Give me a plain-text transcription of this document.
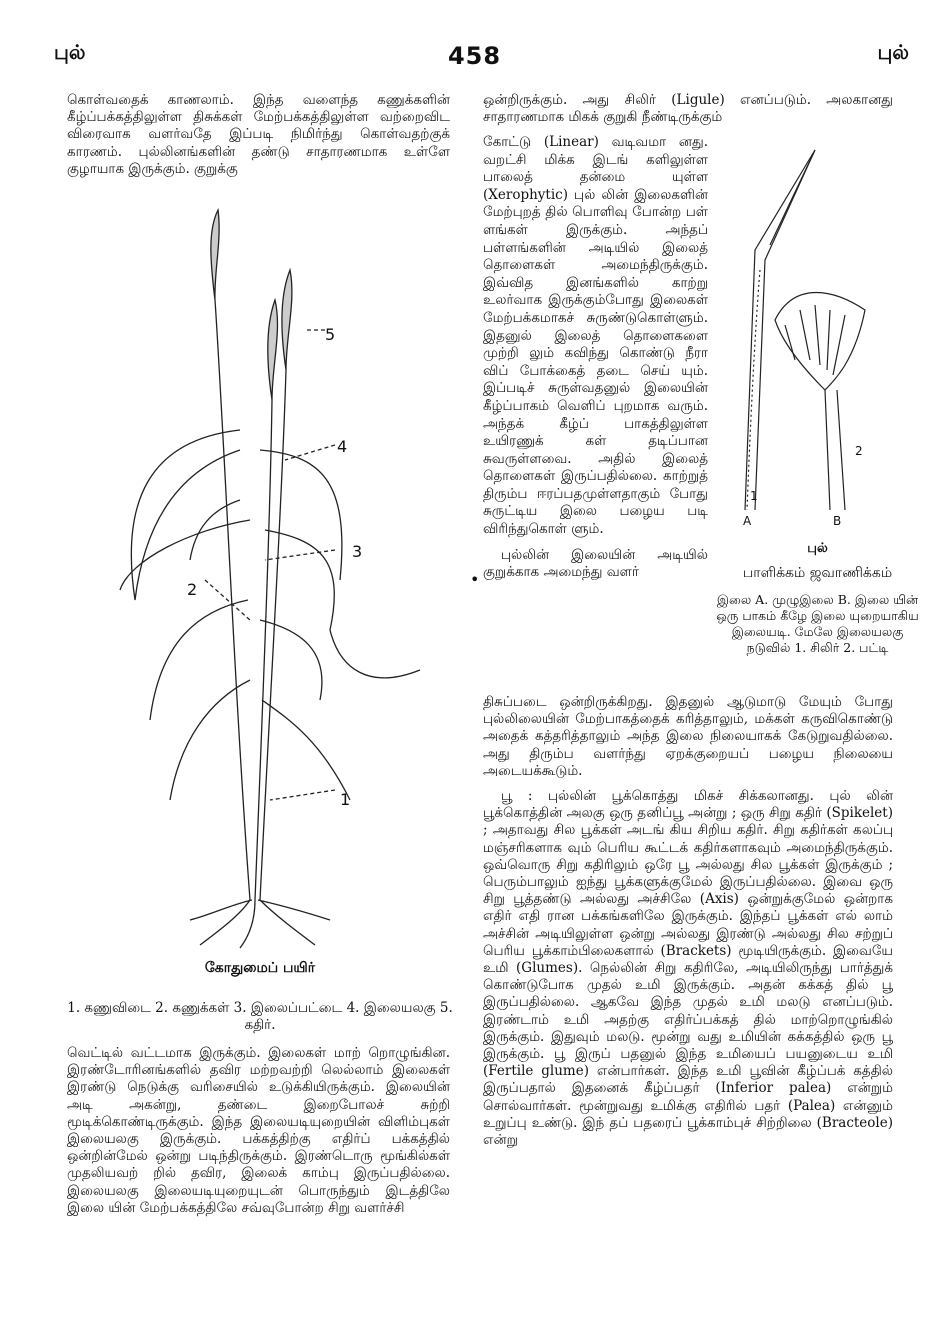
புல்	458	புல்

கொள்வதைக் காணலாம். இந்த வளைந்த கணுக்களின் கீழ்ப்பக்கத்திலுள்ள திசுக்கள் மேற்பக்கத்திலுள்ள வற்றைவிட விரைவாக வளர்வதே இப்படி நிமிர்ந்து கொள்வதற்குக் காரணம். புல்லினங்களின் தண்டு சாதாரணமாக உள்ளே குழாயாக இருக்கும். குறுக்கு

5
4
3
2
1
கோதுமைப் பயிர்
1. கணுவிடை 2. கணுக்கள் 3. இலைப்பட்டை 4. இலையலகு 5. கதிர்.

வெட்டில் வட்டமாக இருக்கும். இலைகள் மாற் றொழுங்கின. இரண்டோரினங்களில் தவிர மற்றவற்றி லெல்லாம் இலைகள் இரண்டு நெடுக்கு வரிசையில் உடுக்கியிருக்கும். இலையின் அடி அகன்று, தண்டை இறைபோலச் சுற்றி மூடிக்கொண்டிருக்கும். இந்த இலையடியுறையின் விளிம்புகள் இலையலகு இருக்கும். பக்கத்திற்கு எதிர்ப் பக்கத்தில் ஒன்றின்மேல் ஒன்று படிந்திருக்கும். இரண்டொரு மூங்கில்கள் முதலியவற் றில் தவிர, இலைக் காம்பு இருப்பதில்லை. இலையலகு இலையடியுறையுடன் பொருந்தும் இடத்திலே இலை யின் மேற்பக்கத்திலே சவ்வுபோன்ற சிறு வளர்ச்சி

ஒன்றிருக்கும். அது சிலிர் (Ligule) எனப்படும். அலகானது சாதாரணமாக மிகக் குறுகி நீண்டிருக்கும்

கோட்டு (Linear) வடிவமா னது. வறட்சி மிக்க இடங் களிலுள்ள பாலைத் தன்மை யுள்ள (Xerophytic) புல் லின் இலைகளின் மேற்புறத் தில் பொளிவு போன்ற பள் ளங்கள் இருக்கும். அந்தப் பள்ளங்களின் அடியில் இலைத் தொளைகள் அமைந்திருக்கும். இவ்வித இனங்களில் காற்று உலர்வாக இருக்கும்போது இலைகள் மேற்பக்கமாகச் சுருண்டுகொள்ளும். இதனுல் இலைத் தொளைகளை முற்றி லும் கவிந்து கொண்டு நீரா விப் போக்கைத் தடை செய் யும். இப்படிச் சுருள்வதனுல் இலையின் கீழ்ப்பாகம் வெளிப் புறமாக வரும். அந்தக் கீழ்ப் பாகத்திலுள்ள உயிரணுக் கள் தடிப்பான சுவருள்ளவை. அதில் இலைத் தொளைகள் இருப்பதில்லை. காற்றுத் திரும்ப ஈரப்பதமுள்ளதாகும் போது சுருட்டிய இலை பழைய படி விரிந்துகொள் ளும்.

புல்லின் இலையின் அடியில் குறுக்காக அமைந்து வளர்

•
1
2
A	B
புல்
பாளிக்கம் ஜவாணிக்கம்
இலை A. முழுஇலை B. இலை யின் ஒரு பாகம் கீழே இலை யுறையாகிய இலையடி. மேலே இலையலகு நடுவில் 1. சிலிர் 2. பட்டி

திசுப்படை ஒன்றிருக்கிறது. இதனுல் ஆடுமாடு மேயும் போது புல்லிலையின் மேற்பாகத்தைக் கரித்தாலும், மக்கள் கருவிகொண்டு அதைக் கத்தரித்தாலும் அந்த இலை நிலையாகக் கேடுறுவதில்லை. அது திரும்ப வளர்ந்து ஏறக்குறையப் பழைய நிலையை அடையக்கூடும்.

பூ : புல்லின் பூக்கொத்து மிகச் சிக்கலானது. புல் லின் பூக்கொத்தின் அலகு ஒரு தனிப்பூ அன்று ; ஒரு சிறு கதிர் (Spikelet) ; அதாவது சில பூக்கள் அடங் கிய சிறிய கதிர். சிறு கதிர்கள் கலப்பு மஞ்சரிகளாக வும் பெரிய கூட்டக் கதிர்களாகவும் அமைந்திருக்கும். ஒவ்வொரு சிறு கதிரிலும் ஒரே பூ அல்லது சில பூக்கள் இருக்கும் ; பெரும்பாலும் ஐந்து பூக்களுக்குமேல் இருப்பதில்லை. இவை ஒரு சிறு பூத்தண்டு அல்லது அச்சிலே (Axis) ஒன்றுக்குமேல் ஒன்றாக எதிர் எதி ரான பக்கங்களிலே இருக்கும். இந்தப் பூக்கள் எல் லாம் அச்சின் அடியிலுள்ள ஒன்று அல்லது இரண்டு அல்லது சில சற்றுப் பெரிய பூக்காம்பிலைகளால் (Brackets) மூடியிருக்கும். இவையே உமி (Glumes). நெல்லின் சிறு கதிரிலே, அடியிலிருந்து பார்த்துக் கொண்டுபோக முதல் உமி இருக்கும். அதன் கக்கத் தில் பூ இருப்பதில்லை. ஆகவே இந்த முதல் உமி மலடு எனப்படும். இரண்டாம் உமி அதற்கு எதிர்ப்பக்கத் தில் மாற்றொழுங்கில் இருக்கும். இதுவும் மலடு. மூன்று வது உமியின் கக்கத்தில் ஒரு பூ இருக்கும். பூ இருப் பதனுல் இந்த உமியைப் பயனுடைய உமி (Fertile glume) என்பார்கள். இந்த உமி பூவின் கீழ்ப்பக் கத்தில் இருப்பதால் இதனைக் கீழ்ப்பதர் (Inferior palea) என்றும் சொல்வார்கள். மூன்றுவது உமிக்கு எதிரில் பதர் (Palea) என்னும் உறுப்பு உண்டு. இந் தப் பதரைப் பூக்காம்புச் சிற்றிலை (Bracteole) என்று
